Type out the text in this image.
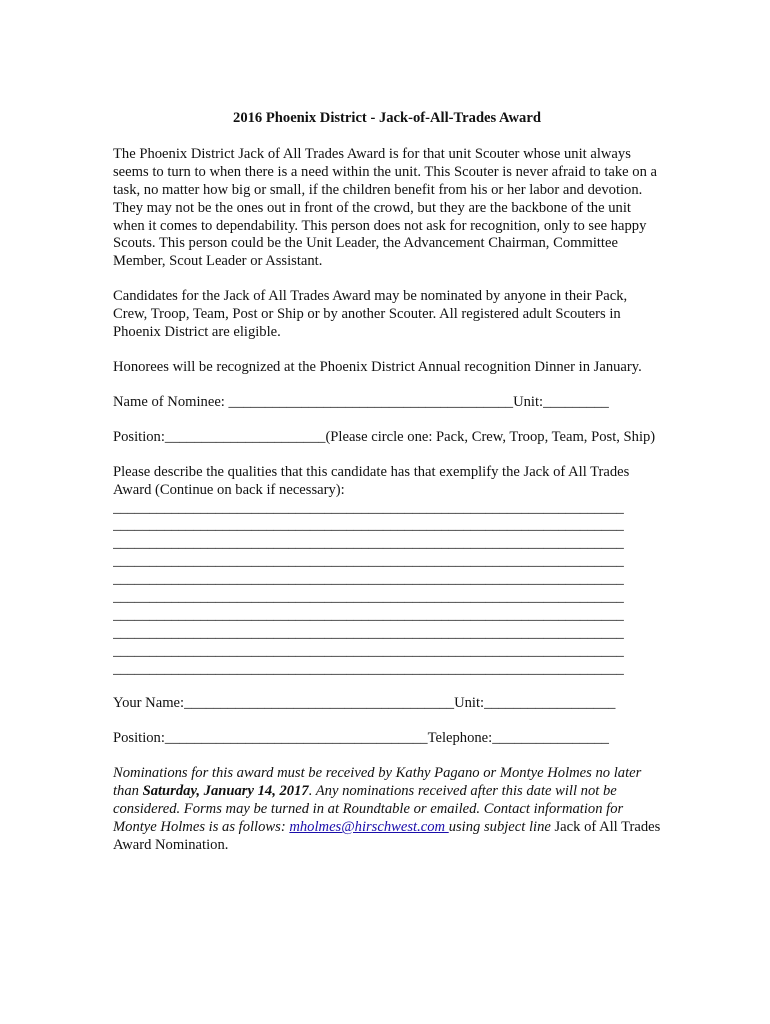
2016 Phoenix District - Jack-of-All-Trades Award

The Phoenix District Jack of All Trades Award is for that unit Scouter whose unit always seems to turn to when there is a need within the unit. This Scouter is never afraid to take on a task, no matter how big or small, if the children benefit from his or her labor and devotion. They may not be the ones out in front of the crowd, but they are the backbone of the unit when it comes to dependability. This person does not ask for recognition, only to see happy Scouts. This person could be the Unit Leader, the Advancement Chairman, Committee Member, Scout Leader or Assistant.

Candidates for the Jack of All Trades Award may be nominated by anyone in their Pack, Crew, Troop, Team, Post or Ship or by another Scouter. All registered adult Scouters in Phoenix District are eligible.

Honorees will be recognized at the Phoenix District Annual recognition Dinner in January.

Name of Nominee: _______________________________________Unit:_________
Position:______________________(Please circle one: Pack, Crew, Troop, Team, Post, Ship)

Please describe the qualities that this candidate has that exemplify the Jack of All Trades Award (Continue on back if necessary):

______________________________________________________________________
______________________________________________________________________
______________________________________________________________________
______________________________________________________________________
______________________________________________________________________
______________________________________________________________________
______________________________________________________________________
______________________________________________________________________
______________________________________________________________________
______________________________________________________________________
Your Name:_____________________________________Unit:__________________
Position:____________________________________Telephone:________________

Nominations for this award must be received by Kathy Pagano or Montye Holmes no later than Saturday, January 14, 2017. Any nominations received after this date will not be considered. Forms may be turned in at Roundtable or emailed. Contact information for Montye Holmes is as follows: mholmes@hirschwest.com using subject line Jack of All Trades Award Nomination.
